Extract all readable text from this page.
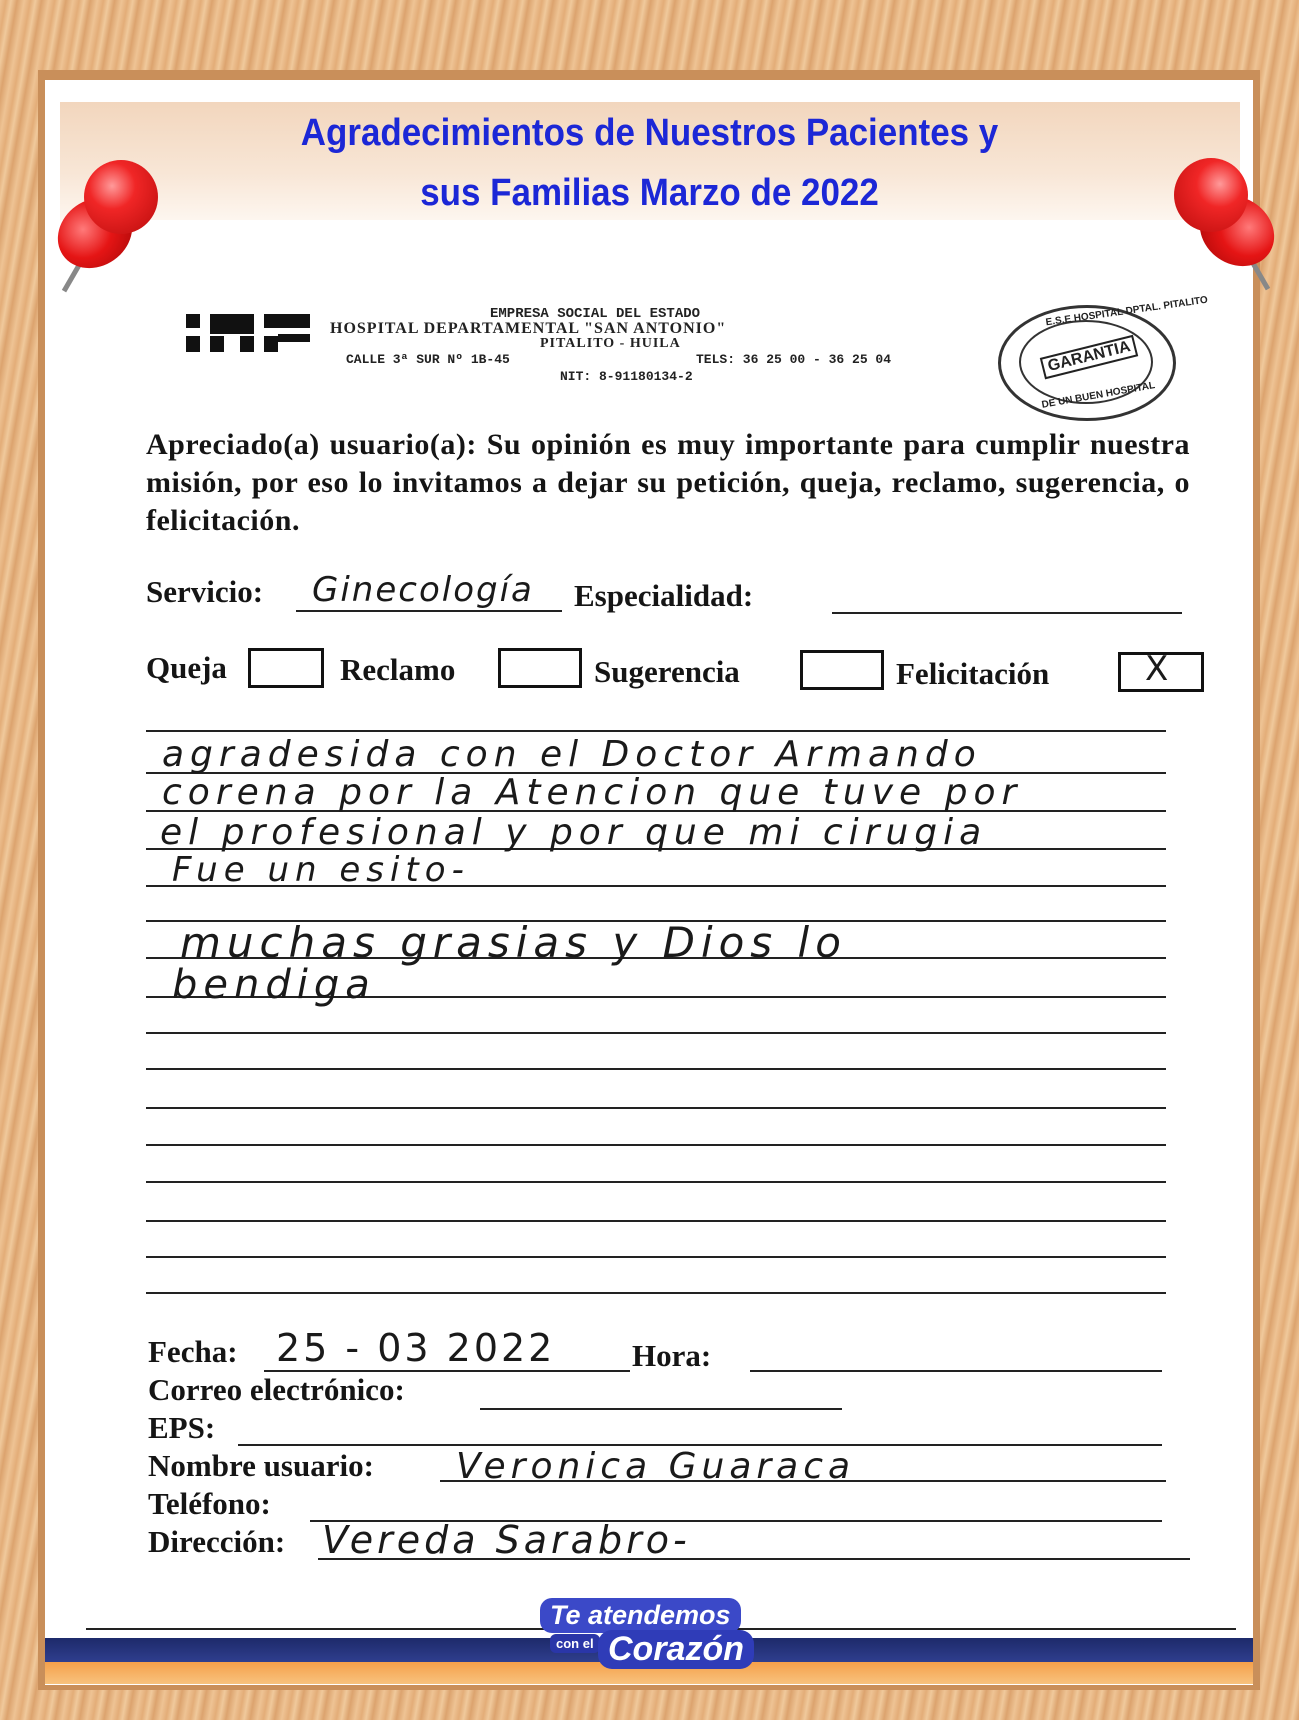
Agradecimientos de Nuestros Pacientes y
sus Familias Marzo de 2022

EMPRESA SOCIAL DEL ESTADO

HOSPITAL DEPARTAMENTAL "SAN ANTONIO"

PITALITO - HUILA

CALLE 3ª SUR Nº 1B-45	TELS: 36 25 00 - 36 25 04

NIT: 8-91180134-2

E.S.E HOSPITAL DPTAL. PITALITO
GARANTIA
DE UN BUEN HOSPITAL

Apreciado(a) usuario(a): Su opinión es muy importante para cumplir nuestra misión, por eso lo invitamos a dejar su petición, queja, reclamo, sugerencia, o felicitación.

Servicio: Ginecología Especialidad:

Queja	Reclamo	Sugerencia	Felicitación	X

agradesida con el Doctor Armando

corena por la Atencion que tuve por

el profesional y por que mi cirugia

Fue un esito-

muchas grasias y Dios lo

bendiga

Fecha: 25 - 03 2022 Hora:

Correo electrónico:

EPS:

Nombre usuario: Veronica Guaraca

Teléfono:

Dirección: Vereda Sarabro-

Te atendemos
con el Corazón
